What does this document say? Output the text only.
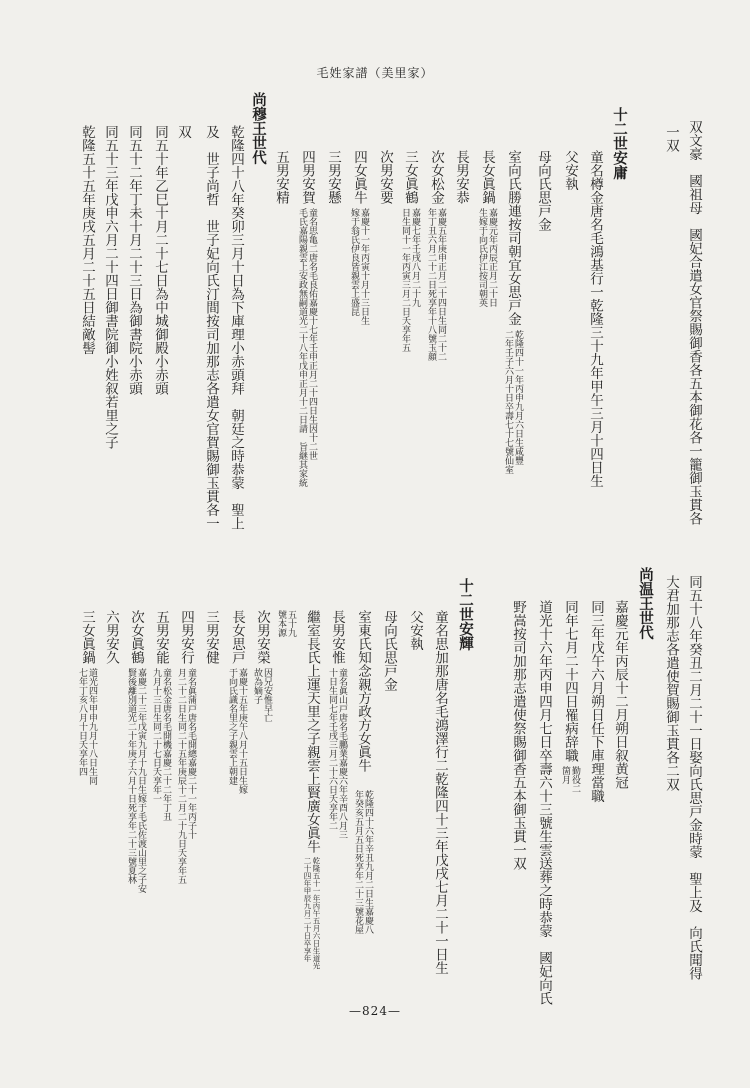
毛姓家譜（美里家）
双文豪　國祖母　國妃合遣女官祭賜御香各五本御花各一籠御玉貫各
一双
十二世安庸
童名樽金唐名毛鴻基行一乾隆三十九年甲午三月十四日生
父安執
母向氏思戸金
室向氏勝連按司朝宜女思戸金
乾隆四十一年丙申九月六日生咸豐
二年壬子六月十日卒壽七十七號仙室
長女眞鍋
嘉慶元年丙辰正月二十日
生嫁于向氏伊江按司朝英
長男安恭
次女松金
嘉慶五年庚申正月二十四日生同二十二
年丁丑六月二十二日死享年十八號玉顔
三女眞鶴
嘉慶七年壬戌八月二十九
日生同十一年丙寅三月二日夭享年五
次男安要
四女眞牛
嘉慶十一年丙寅十月十三日生
嫁于翁氏伊良皆親雲上盛昆
三男安懸
四男安賀
童名思亀二唐名毛良佑嘉慶十七年壬申正月二十四日生因十二世
毛氏嘉陽親雲上安政無嗣道光二十八年戊申正月十二日請　旨継其家統
五男安精
尚穆王世代
乾隆四十八年癸卯三月十日為下庫理小赤頭拜　朝廷之時恭蒙　聖上
及　世子尚哲　世子妃向氏汀間按司加那志各遣女官賀賜御玉貫各一
双
同五十年乙巳十月二十七日為中城御殿小赤頭
同五十二年丁未十月二十三日為御書院小赤頭
同五十三年戊申六月二十四日御書院御小姓叙若里之子
乾隆五十五年庚戌五月二十五日結敵髻
同五十八年癸丑二月二十一日娶向氏思戸金時蒙　聖上及　向氏聞得
大君加那志各遣使賀賜御玉貫各二双
尚温王世代
嘉慶元年丙辰十二月朔日叙黄冠
同三年戊午六月朔日任下庫理當職
同年七月二十四日罹病辞職
勤役二
箇月
道光十六年丙申四月七日卒壽六十三號生雲送葬之時恭蒙　國妃向氏
野嵩按司加那志遣使祭賜御香五本御玉貫一双
十二世安輝
童名思加那唐名毛鴻澤行二乾隆四十三年戊戌七月二十一日生
父安執
母向氏思戸金
室東氏知念親方政方女眞牛
乾隆四十六年辛丑九月二日生嘉慶八
年癸亥五月五日死享年二十三號花屋
長男安惟
童名眞山戸唐名毛鵬業嘉慶六年辛酉八月三
十日生同七年壬戌三月二十六日夭享年二
繼室長氏上運天里之子親雲上賢廣女眞牛
乾隆五十一年丙午五月六日生道光
二十四年甲辰九月二十日卒享年
五十九
號本源
次男安榮
因兄安惟早亡
故為嫡子
長女思戸
嘉慶十五年庚午八月十五日生嫁
于向氏識名里之子親雲上朝建
三男安健
四男安行
童名眞蒲戸唐名毛開總嘉慶二十一年丙子十
月二十二日生同二十五年庚辰十二月二十九日夭享年五
五男安能
童名松金唐名毛開機嘉慶二十二年丁丑
九月十三日生同二十七日夭享年一
次女眞鶴
嘉慶二十三年戊寅九月十九日生嫁于毛氏佐渡山里之子安
賢後離別道光二十年庚子六月十日死享年二十三號夏林
六男安久
三女眞鍋
道光四年甲申九月十八日生同
七年丁亥八月十日夭享年四
—824—
